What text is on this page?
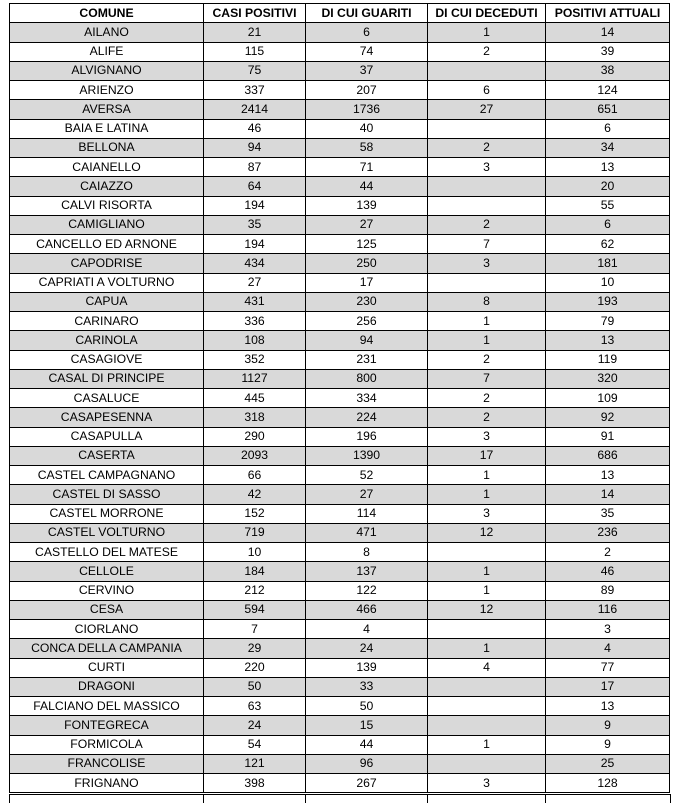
COMUNE	CASI POSITIVI	DI CUI GUARITI	DI CUI DECEDUTI	POSITIVI ATTUALI
AILANO	21	6	1	14
ALIFE	115	74	2	39
ALVIGNANO	75	37		38
ARIENZO	337	207	6	124
AVERSA	2414	1736	27	651
BAIA E LATINA	46	40		6
BELLONA	94	58	2	34
CAIANELLO	87	71	3	13
CAIAZZO	64	44		20
CALVI RISORTA	194	139		55
CAMIGLIANO	35	27	2	6
CANCELLO ED ARNONE	194	125	7	62
CAPODRISE	434	250	3	181
CAPRIATI A VOLTURNO	27	17		10
CAPUA	431	230	8	193
CARINARO	336	256	1	79
CARINOLA	108	94	1	13
CASAGIOVE	352	231	2	119
CASAL DI PRINCIPE	1127	800	7	320
CASALUCE	445	334	2	109
CASAPESENNA	318	224	2	92
CASAPULLA	290	196	3	91
CASERTA	2093	1390	17	686
CASTEL CAMPAGNANO	66	52	1	13
CASTEL DI SASSO	42	27	1	14
CASTEL MORRONE	152	114	3	35
CASTEL VOLTURNO	719	471	12	236
CASTELLO DEL MATESE	10	8		2
CELLOLE	184	137	1	46
CERVINO	212	122	1	89
CESA	594	466	12	116
CIORLANO	7	4		3
CONCA DELLA CAMPANIA	29	24	1	4
CURTI	220	139	4	77
DRAGONI	50	33		17
FALCIANO DEL MASSICO	63	50		13
FONTEGRECA	24	15		9
FORMICOLA	54	44	1	9
FRANCOLISE	121	96		25
FRIGNANO	398	267	3	128
